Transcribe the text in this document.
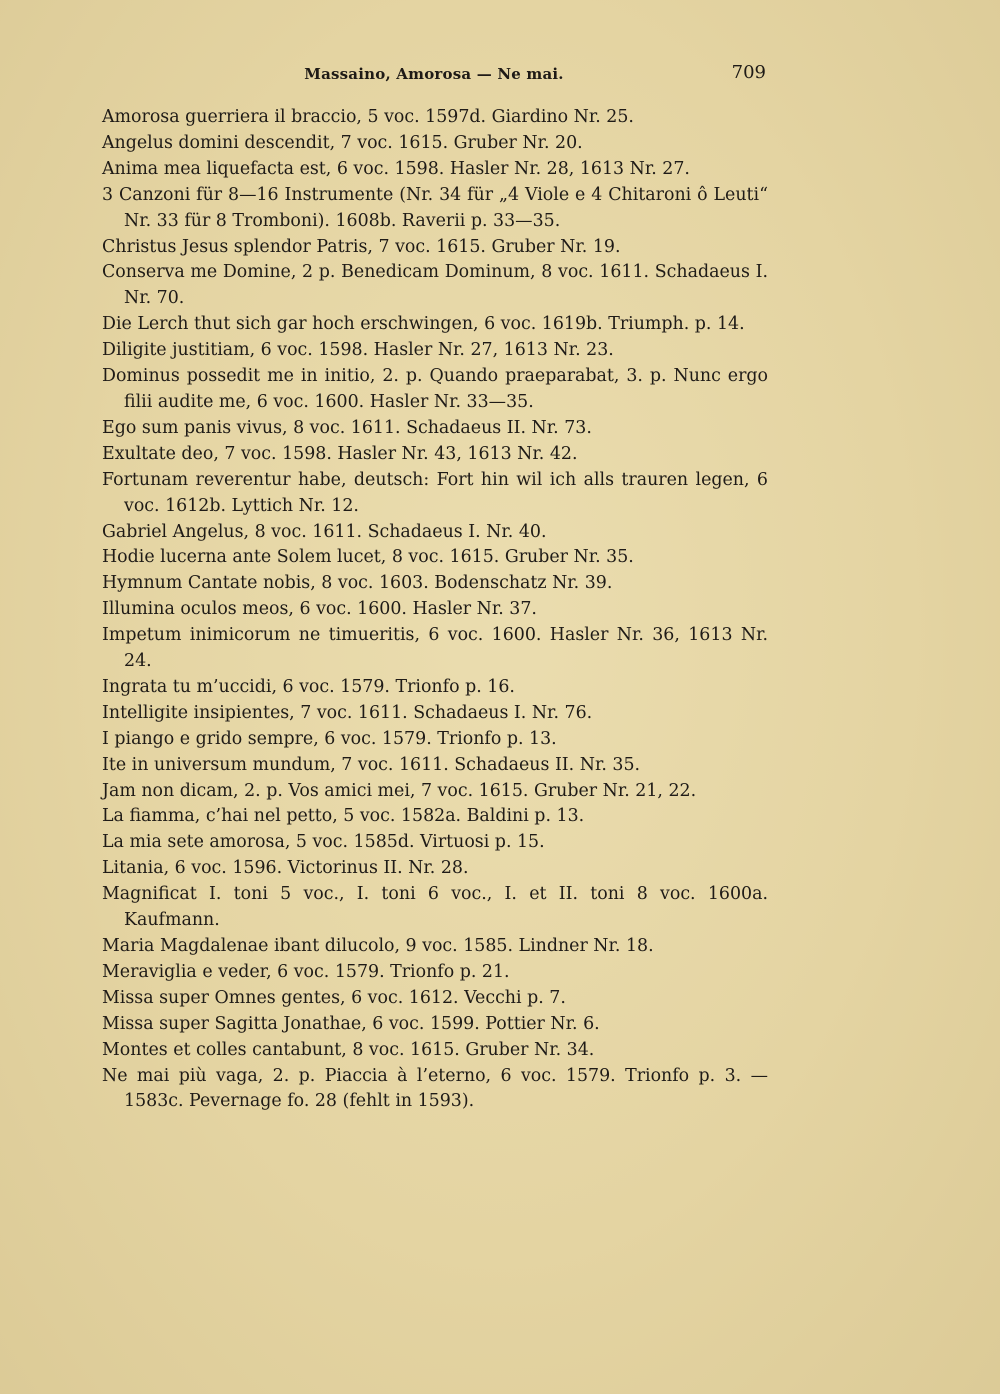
Massaino, Amorosa — Ne mai.	709
Amorosa guerriera il braccio, 5 voc. 1597d. Giardino Nr. 25.
Angelus domini descendit, 7 voc. 1615. Gruber Nr. 20.
Anima mea liquefacta est, 6 voc. 1598. Hasler Nr. 28, 1613 Nr. 27.
3 Canzoni für 8—16 Instrumente (Nr. 34 für „4 Viole e 4 Chitaroni ô Leuti“ Nr. 33 für 8 Tromboni). 1608b. Raverii p. 33—35.
Christus Jesus splendor Patris, 7 voc. 1615. Gruber Nr. 19.
Conserva me Domine, 2 p. Benedicam Dominum, 8 voc. 1611. Schadaeus I. Nr. 70.
Die Lerch thut sich gar hoch erschwingen, 6 voc. 1619b. Triumph. p. 14.
Diligite justitiam, 6 voc. 1598. Hasler Nr. 27, 1613 Nr. 23.
Dominus possedit me in initio, 2. p. Quando praeparabat, 3. p. Nunc ergo filii audite me, 6 voc. 1600. Hasler Nr. 33—35.
Ego sum panis vivus, 8 voc. 1611. Schadaeus II. Nr. 73.
Exultate deo, 7 voc. 1598. Hasler Nr. 43, 1613 Nr. 42.
Fortunam reverentur habe, deutsch: Fort hin wil ich alls trauren legen, 6 voc. 1612b. Lyttich Nr. 12.
Gabriel Angelus, 8 voc. 1611. Schadaeus I. Nr. 40.
Hodie lucerna ante Solem lucet, 8 voc. 1615. Gruber Nr. 35.
Hymnum Cantate nobis, 8 voc. 1603. Bodenschatz Nr. 39.
Illumina oculos meos, 6 voc. 1600. Hasler Nr. 37.
Impetum inimicorum ne timueritis, 6 voc. 1600. Hasler Nr. 36, 1613 Nr. 24.
Ingrata tu m’uccidi, 6 voc. 1579. Trionfo p. 16.
Intelligite insipientes, 7 voc. 1611. Schadaeus I. Nr. 76.
I piango e grido sempre, 6 voc. 1579. Trionfo p. 13.
Ite in universum mundum, 7 voc. 1611. Schadaeus II. Nr. 35.
Jam non dicam, 2. p. Vos amici mei, 7 voc. 1615. Gruber Nr. 21, 22.
La fiamma, c’hai nel petto, 5 voc. 1582a. Baldini p. 13.
La mia sete amorosa, 5 voc. 1585d. Virtuosi p. 15.
Litania, 6 voc. 1596. Victorinus II. Nr. 28.
Magnificat I. toni 5 voc., I. toni 6 voc., I. et II. toni 8 voc. 1600a. Kaufmann.
Maria Magdalenae ibant dilucolo, 9 voc. 1585. Lindner Nr. 18.
Meraviglia e veder, 6 voc. 1579. Trionfo p. 21.
Missa super Omnes gentes, 6 voc. 1612. Vecchi p. 7.
Missa super Sagitta Jonathae, 6 voc. 1599. Pottier Nr. 6.
Montes et colles cantabunt, 8 voc. 1615. Gruber Nr. 34.
Ne mai più vaga, 2. p. Piaccia à l’eterno, 6 voc. 1579. Trionfo p. 3. — 1583c. Pevernage fo. 28 (fehlt in 1593).
